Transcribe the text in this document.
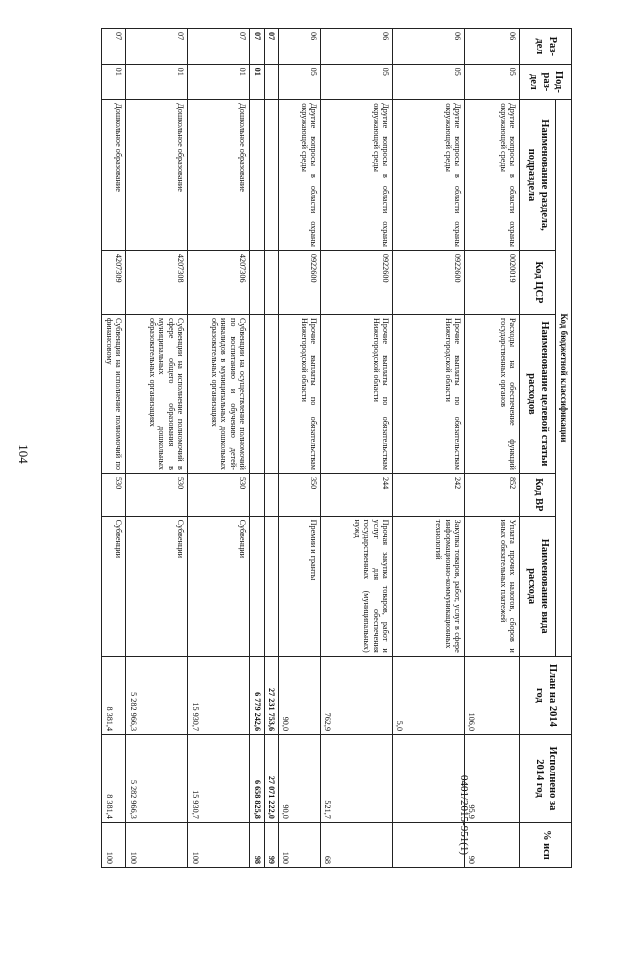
104
0401/2015-951(1)
Раз-дел	Под-раз-дел	Код бюджетной классификации					План на 2014 год	Исполнено за 2014 год	% исп
		Наименование раздела, подраздела	Код ЦСР	Наименование целевой статьи расходов	Код ВР	Наименование вида расхода			
06	05	Другие вопросы в области охраны окружающей среды	0020019	Расходы на обеспечение функций государственных органов	852	Уплата прочих налогов, сборов и иных обязательных платежей	106,0	95,9	90
06	05	Другие вопросы в области охраны окружающей среды	0922600	Прочие выплаты по обязательствам Нижегородской области	242	Закупка товаров, работ, услуг в сфере информационно-коммуникационных технологий	5,0		
06	05	Другие вопросы в области охраны окружающей среды	0922600	Прочие выплаты по обязательствам Нижегородской области	244	Прочая закупка товаров, работ и услуг для обеспечения государственных (муниципальных) нужд	762,9	521,7	68
06	05	Другие вопросы в области охраны окружающей среды	0922600	Прочие выплаты по обязательствам Нижегородской области	350	Премии и гранты	90,0	90,0	100
07							27 231 753,6	27 071 222,0	99
07	01						6 779 242,6	6 658 825,8	98
07	01	Дошкольное образование	4207306	Субвенции на осуществление полномочий по воспитанию и обучению детей-инвалидов в муниципальных дошкольных образовательных организациях	530	Субвенции	15 930,7	15 930,7	100
07	01	Дошкольное образование	4207308	Субвенции на исполнение полномочий в сфере общего образования в муниципальных дошкольных образовательных организациях	530	Субвенции	5 282 966,3	5 282 966,3	100
07	01	Дошкольное образование	4207309	Субвенции на исполнение полномочий по финансовому	530	Субвенции	8 381,4	8 381,4	100
